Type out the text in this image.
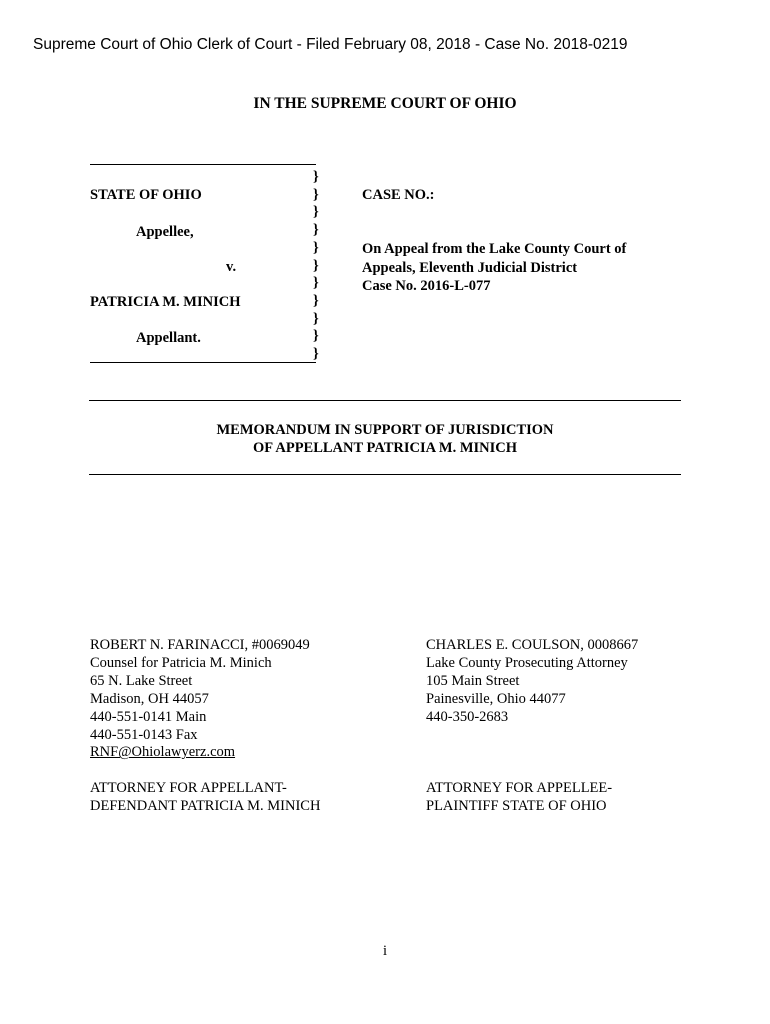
Supreme Court of Ohio Clerk of Court - Filed February 08, 2018 - Case No. 2018-0219
IN THE SUPREME COURT OF OHIO
STATE OF OHIO
Appellee,
v.
PATRICIA M. MINICH
Appellant.
}
}
}
}
}
}
}
}
}
}
}
CASE NO.:
On Appeal from the Lake County Court of
Appeals, Eleventh Judicial District
Case No. 2016-L-077
MEMORANDUM IN SUPPORT OF JURISDICTION
OF APPELLANT PATRICIA M. MINICH
ROBERT N. FARINACCI, #0069049
Counsel for Patricia M. Minich
65 N. Lake Street
Madison, OH 44057
440-551-0141 Main
440-551-0143 Fax
RNF@Ohiolawyerz.com
ATTORNEY FOR APPELLANT-
DEFENDANT PATRICIA M. MINICH
CHARLES E. COULSON, 0008667
Lake County Prosecuting Attorney
105 Main Street
Painesville, Ohio 44077
440-350-2683
ATTORNEY FOR APPELLEE-
PLAINTIFF STATE OF OHIO
i
